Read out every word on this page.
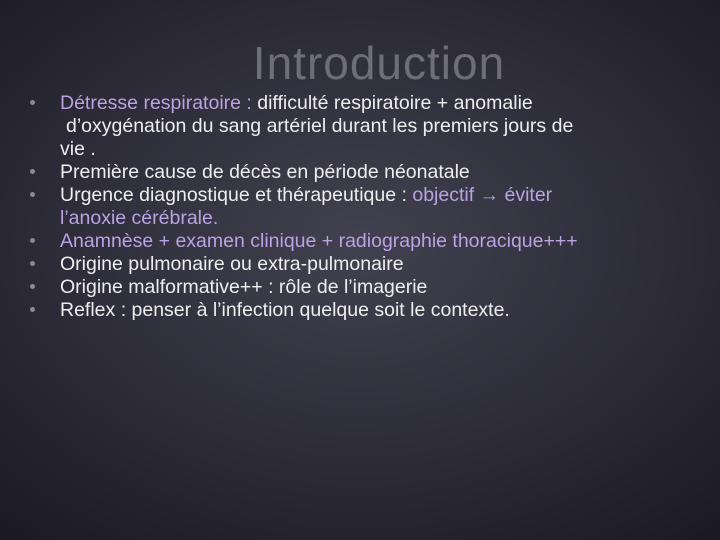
Introduction
Détresse respiratoire : difficulté respiratoire + anomalie
d’oxygénation du sang artériel durant les premiers jours de
vie .
Première cause de décès en période néonatale
Urgence diagnostique et thérapeutique : objectif → éviter
l’anoxie cérébrale.
Anamnèse + examen clinique + radiographie thoracique+++
Origine pulmonaire ou extra-pulmonaire
Origine malformative++ : rôle de l’imagerie
Reflex : penser à l’infection quelque soit le contexte.
